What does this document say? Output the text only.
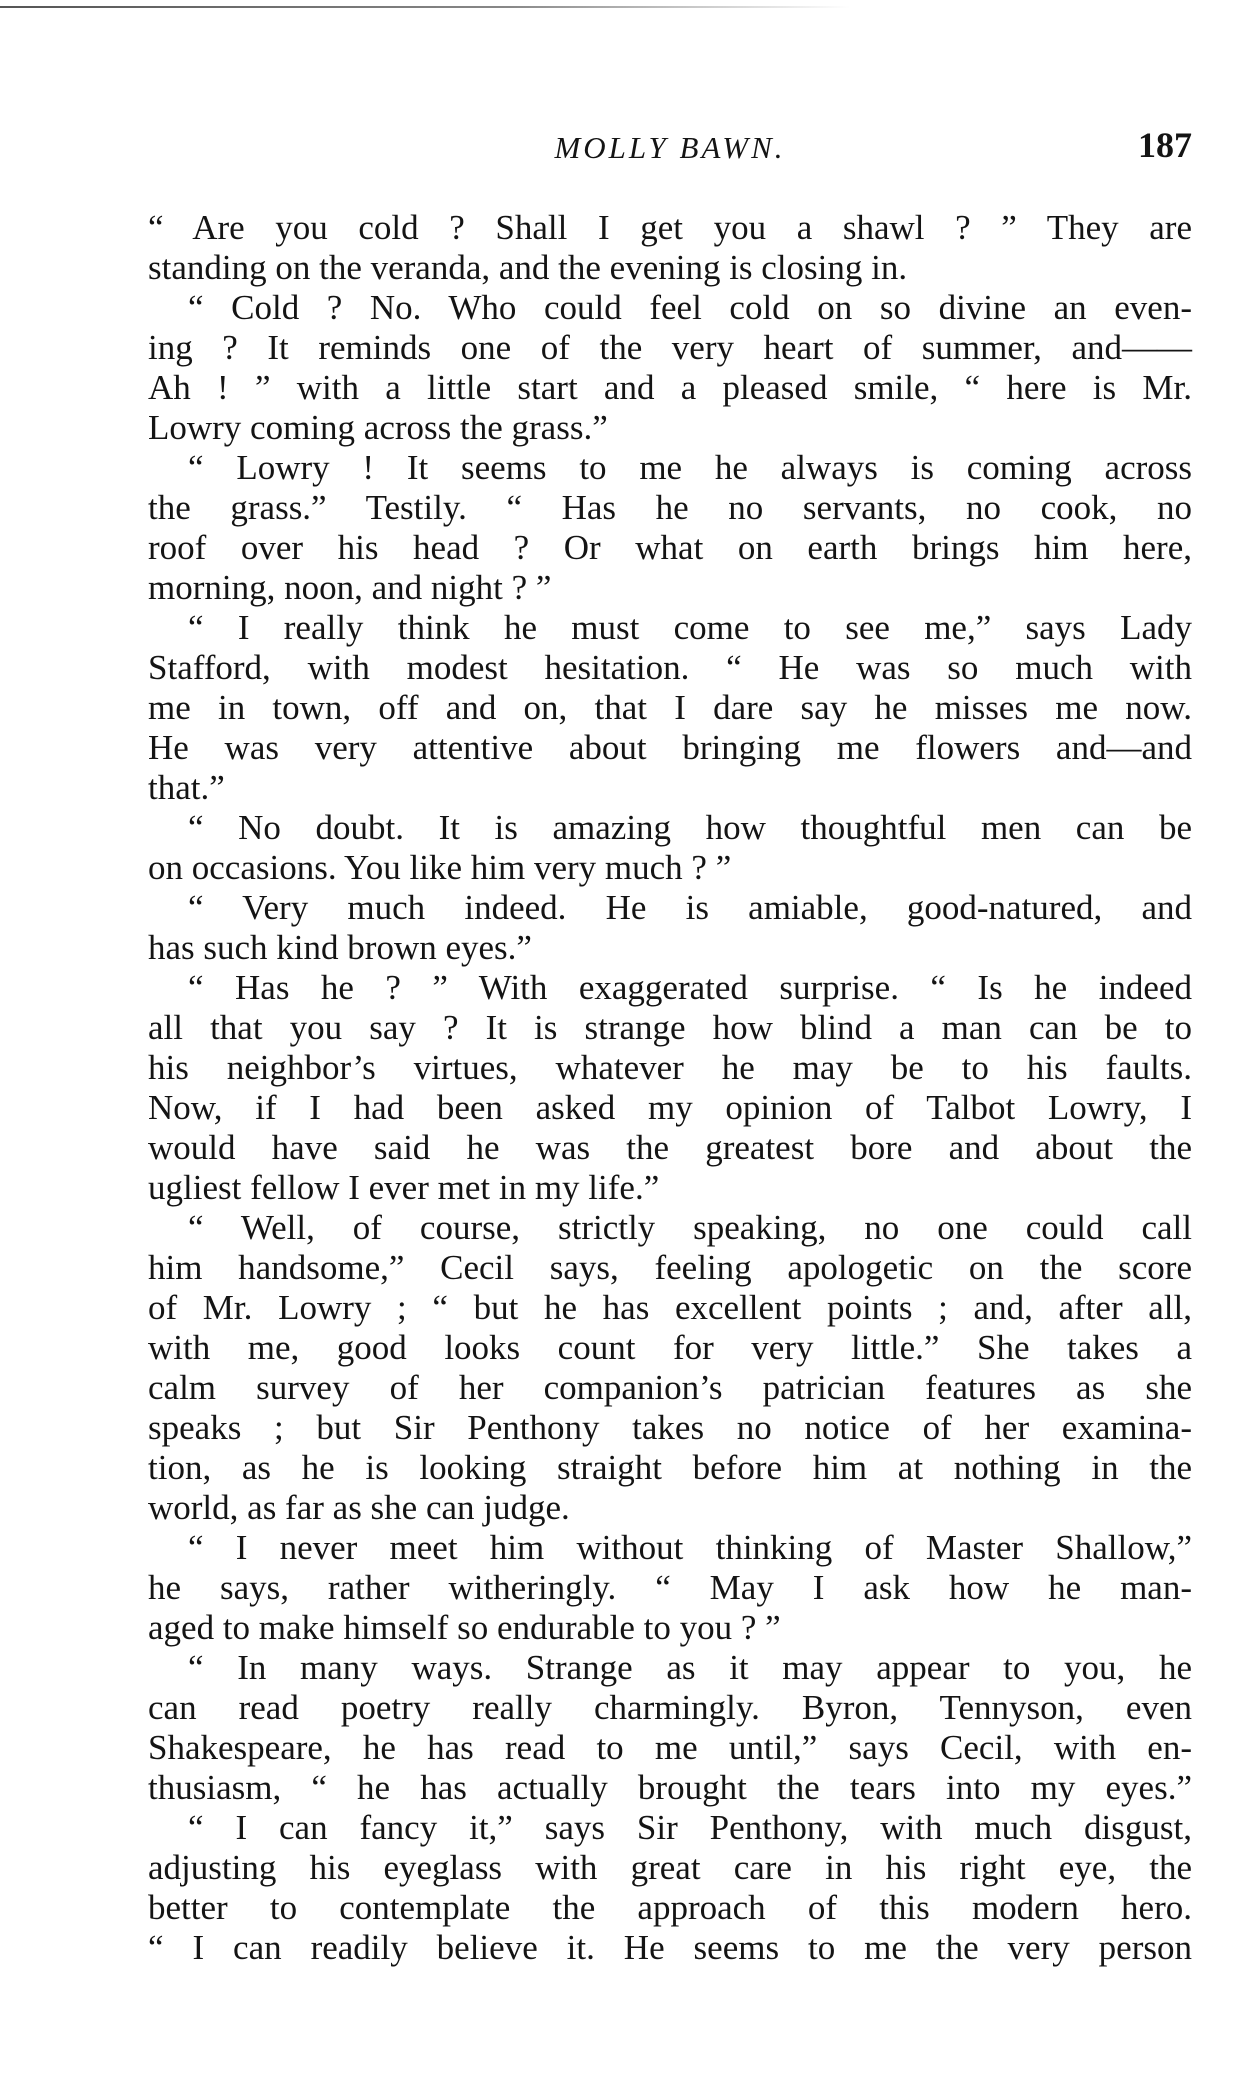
MOLLY BAWN.	187

“ Are you cold ? Shall I get you a shawl ? ” They are
standing on the veranda, and the evening is closing in.

“ Cold ? No. Who could feel cold on so divine an even-
ing ? It reminds one of the very heart of summer, and——
Ah ! ” with a little start and a pleased smile, “ here is Mr.
Lowry coming across the grass.”

“ Lowry ! It seems to me he always is coming across
the grass.” Testily. “ Has he no servants, no cook, no
roof over his head ? Or what on earth brings him here,
morning, noon, and night ? ”

“ I really think he must come to see me,” says Lady
Stafford, with modest hesitation. “ He was so much with
me in town, off and on, that I dare say he misses me now.
He was very attentive about bringing me flowers and—and
that.”

“ No doubt. It is amazing how thoughtful men can be
on occasions. You like him very much ? ”

“ Very much indeed. He is amiable, good-natured, and
has such kind brown eyes.”

“ Has he ? ” With exaggerated surprise. “ Is he indeed
all that you say ? It is strange how blind a man can be to
his neighbor’s virtues, whatever he may be to his faults.
Now, if I had been asked my opinion of Talbot Lowry, I
would have said he was the greatest bore and about the
ugliest fellow I ever met in my life.”

“ Well, of course, strictly speaking, no one could call
him handsome,” Cecil says, feeling apologetic on the score
of Mr. Lowry ; “ but he has excellent points ; and, after all,
with me, good looks count for very little.” She takes a
calm survey of her companion’s patrician features as she
speaks ; but Sir Penthony takes no notice of her examina-
tion, as he is looking straight before him at nothing in the
world, as far as she can judge.

“ I never meet him without thinking of Master Shallow,”
he says, rather witheringly. “ May I ask how he man-
aged to make himself so endurable to you ? ”

“ In many ways. Strange as it may appear to you, he
can read poetry really charmingly. Byron, Tennyson, even
Shakespeare, he has read to me until,” says Cecil, with en-
thusiasm, “ he has actually brought the tears into my eyes.”

“ I can fancy it,” says Sir Penthony, with much disgust,
adjusting his eyeglass with great care in his right eye, the
better to contemplate the approach of this modern hero.
“ I can readily believe it. He seems to me the very person
